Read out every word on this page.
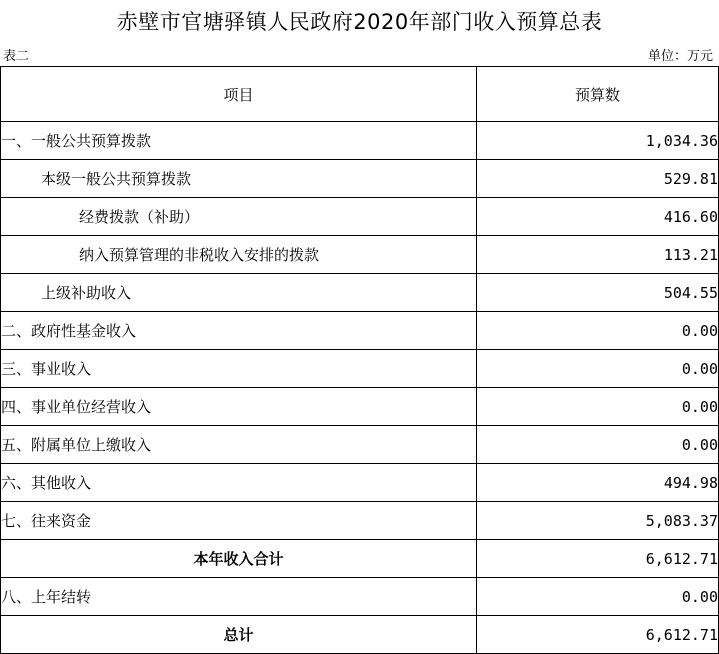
赤壁市官塘驿镇人民政府2020年部门收入预算总表
表二	单位：万元
项目	预算数
一、一般公共预算拨款	1,034.36
本级一般公共预算拨款	529.81
经费拨款（补助）	416.60
纳入预算管理的非税收入安排的拨款	113.21
上级补助收入	504.55
二、政府性基金收入	0.00
三、事业收入	0.00
四、事业单位经营收入	0.00
五、附属单位上缴收入	0.00
六、其他收入	494.98
七、往来资金	5,083.37
本年收入合计	6,612.71
八、上年结转	0.00
总计	6,612.71
